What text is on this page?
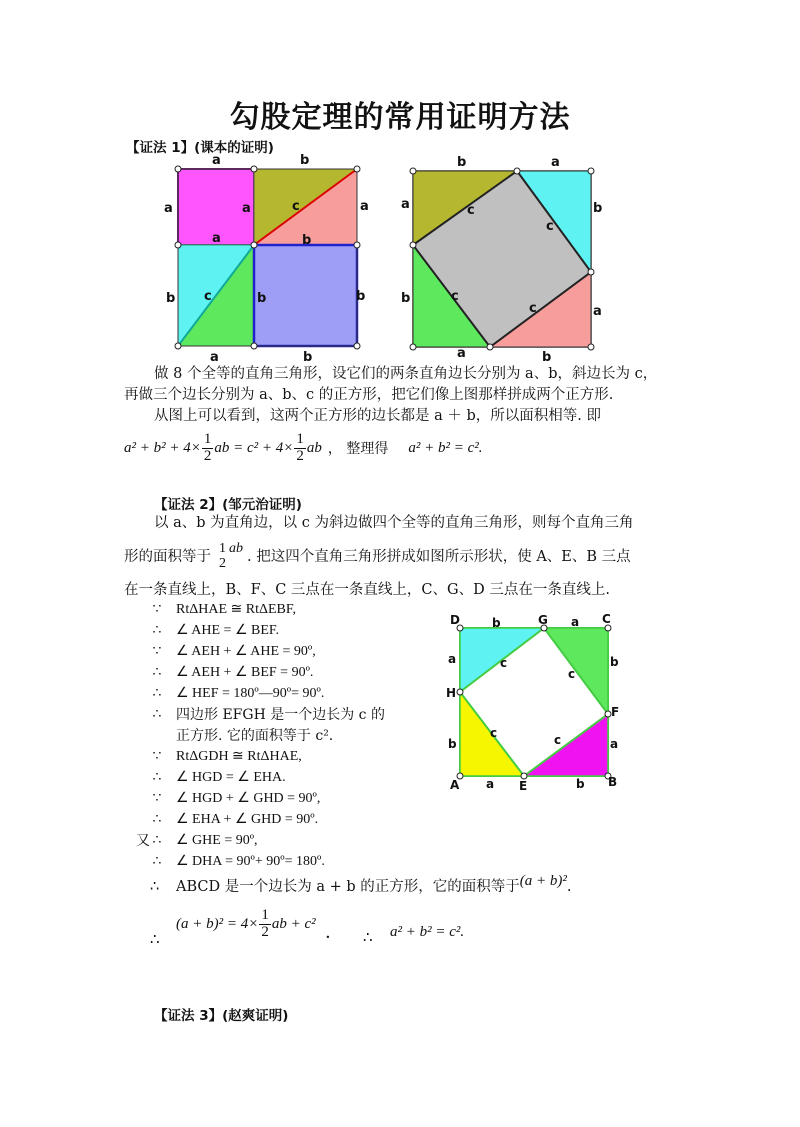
勾股定理的常用证明方法
【证法 1】(课本的证明)
a	b
a	a
a
c	a
b
b c	b	b
a	b
b	a
a	c
c
b
b	c
c	a
a	b
做 8 个全等的直角三角形，设它们的两条直角边长分别为 a、b，斜边长为 c，
再做三个边长分别为 a、b、c 的正方形，把它们像上图那样拼成两个正方形.
从图上可以看到，这两个正方形的边长都是 a ＋ b，所以面积相等. 即
$a^2 + b^2 + 4\times \frac{1}{2}$ ab = $c^2 + 4\times \frac{1}{2}$ ab ， 整理得 a² + b² = c².
【证法 2】(邹元治证明)
以 a、b 为直角边，以 c 为斜边做四个全等的直角三角形，则每个直角三角
形的面积等于 1
2
ab
. 把这四个直角三角形拼成如图所示形状，使 A、E、B 三点
在一条直线上，B、F、C 三点在一条直线上，C、G、D 三点在一条直线上.
∵ RtΔHAE ≅ RtΔEBF,
∴ ∠ AHE = ∠ BEF.
∵ ∠ AEH + ∠ AHE = 90º,
∴ ∠ AEH + ∠ BEF = 90º.
∴ ∠ HEF = 180º―90º= 90º.
∴ 四边形 EFGH 是一个边长为 c 的
正方形. 它的面积等于 c².
∵ RtΔGDH ≅ RtΔHAE,
∴ ∠ HGD = ∠ EHA.
∵ ∠ HGD + ∠ GHD = 90º,
∴ ∠ EHA + ∠ GHD = 90º.
又 ∴ ∠ GHE = 90º,
∴ ∠ DHA = 90º+ 90º= 180º.
∴	ABCD 是一个边长为 a + b 的正方形，它的面积等于 (a + b)² .
∴
$(a + b)^2 = 4\times \frac{1}{2}$ ab + c²
. ∴ a² + b² = c².
D	G	C
H
F
A	E	B
b	a
a	b
b	a
a	b
c
c
c	c
【证法 3】(赵爽证明)
